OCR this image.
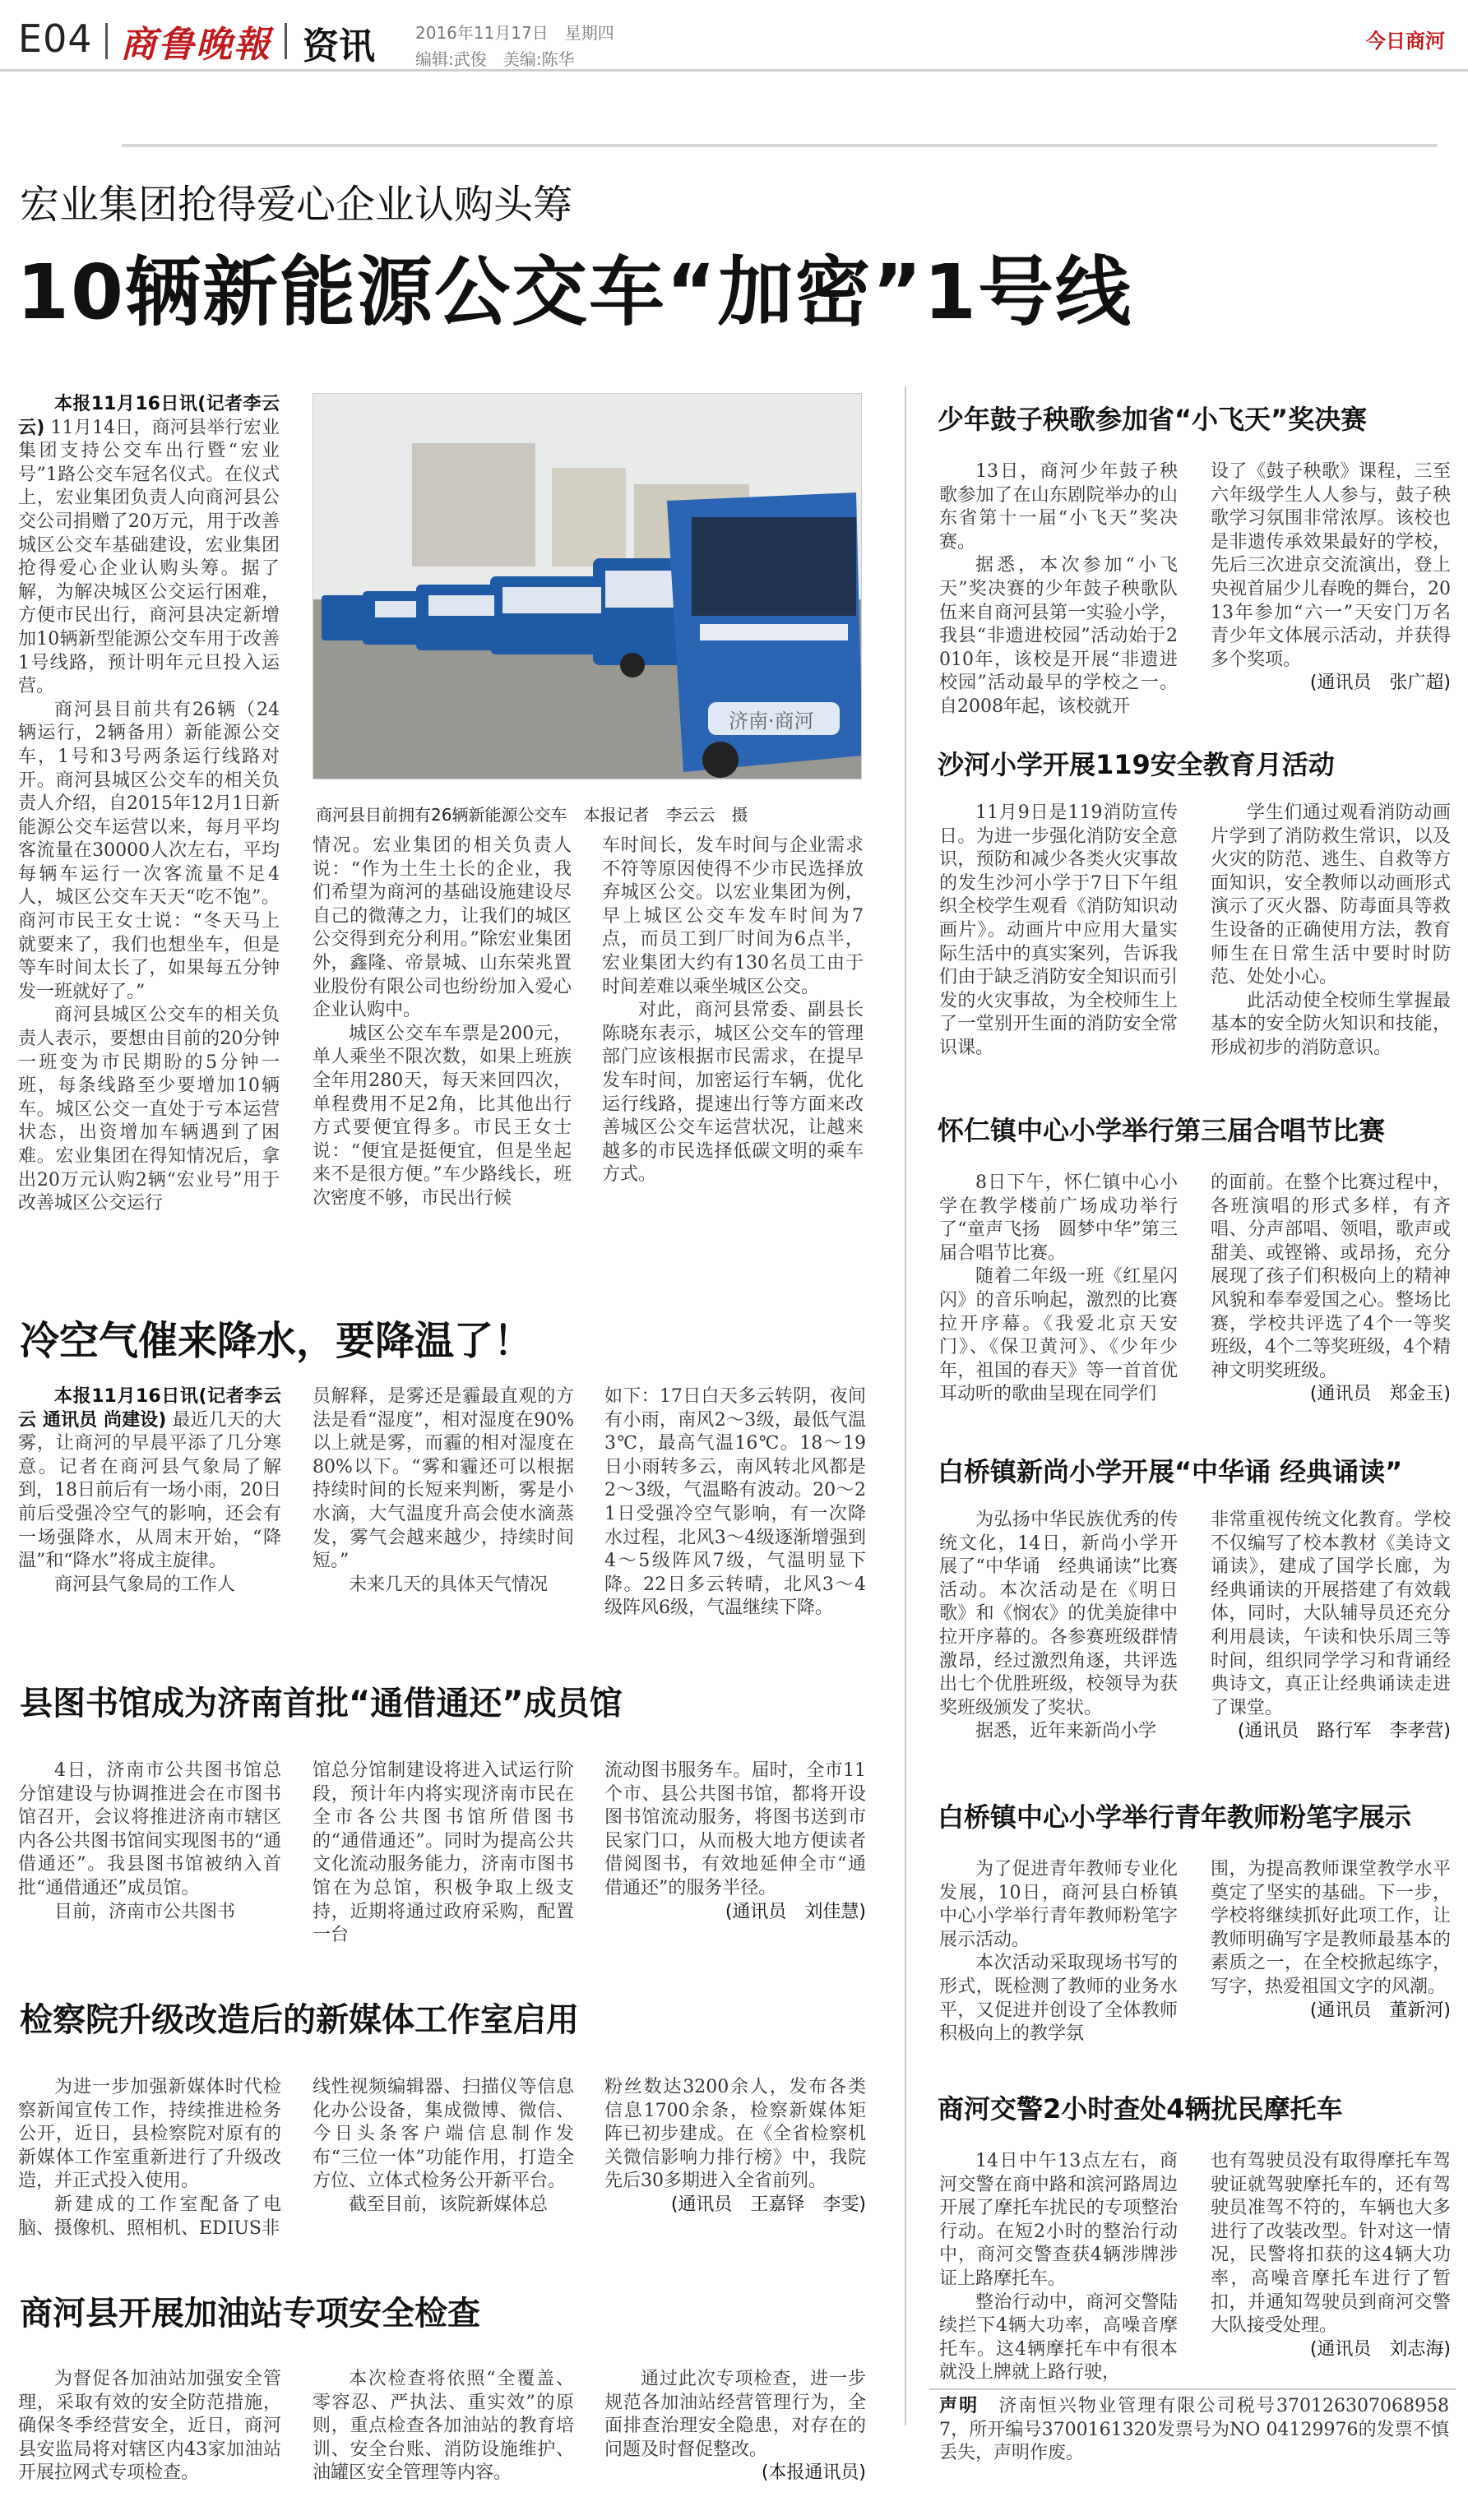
E04 商鲁晚報 资讯 2016年11月17日　星期四
编辑:武俊　美编:陈华
今日商河
宏业集团抢得爱心企业认购头筹
10辆新能源公交车“加密”1号线

本报11月16日讯(记者李云云) 11月14日，商河县举行宏业集团支持公交车出行暨“宏业号”1路公交车冠名仪式。在仪式上，宏业集团负责人向商河县公交公司捐赠了20万元，用于改善城区公交车基础建设，宏业集团抢得爱心企业认购头筹。据了解，为解决城区公交运行困难，方便市民出行，商河县决定新增加10辆新型能源公交车用于改善1号线路，预计明年元旦投入运营。

商河县目前共有26辆（24辆运行，2辆备用）新能源公交车，1号和3号两条运行线路对开。商河县城区公交车的相关负责人介绍，自2015年12月1日新能源公交车运营以来，每月平均客流量在30000人次左右，平均每辆车运行一次客流量不足4人，城区公交车天天“吃不饱”。商河市民王女士说：“冬天马上就要来了，我们也想坐车，但是等车时间太长了，如果每五分钟发一班就好了。”

商河县城区公交车的相关负责人表示，要想由目前的20分钟一班变为市民期盼的5分钟一班，每条线路至少要增加10辆车。城区公交一直处于亏本运营状态，出资增加车辆遇到了困难。宏业集团在得知情况后，拿出20万元认购2辆“宏业号”用于改善城区公交运行

济南·商河
商河县目前拥有26辆新能源公交车　本报记者　李云云　摄

情况。宏业集团的相关负责人说：“作为土生土长的企业，我们希望为商河的基础设施建设尽自己的微薄之力，让我们的城区公交得到充分利用。”除宏业集团外，鑫隆、帝景城、山东荣兆置业股份有限公司也纷纷加入爱心企业认购中。

城区公交车车票是200元，单人乘坐不限次数，如果上班族全年用280天，每天来回四次，单程费用不足2角，比其他出行方式要便宜得多。市民王女士说：“便宜是挺便宜，但是坐起来不是很方便。”车少路线长，班次密度不够，市民出行候

车时间长，发车时间与企业需求不符等原因使得不少市民选择放弃城区公交。以宏业集团为例，早上城区公交车发车时间为7点，而员工到厂时间为6点半，宏业集团大约有130名员工由于时间差难以乘坐城区公交。

对此，商河县常委、副县长陈晓东表示，城区公交车的管理部门应该根据市民需求，在提早发车时间，加密运行车辆，优化运行线路，提速出行等方面来改善城区公交车运营状况，让越来越多的市民选择低碳文明的乘车方式。

冷空气催来降水，要降温了！

本报11月16日讯(记者李云云 通讯员 尚建设) 最近几天的大雾，让商河的早晨平添了几分寒意。记者在商河县气象局了解到，18日前后有一场小雨，20日前后受强冷空气的影响，还会有一场强降水，从周末开始，“降温”和“降水”将成主旋律。

商河县气象局的工作人

员解释，是雾还是霾最直观的方法是看“湿度”，相对湿度在90%以上就是雾，而霾的相对湿度在80%以下。“雾和霾还可以根据持续时间的长短来判断，雾是小水滴，大气温度升高会使水滴蒸发，雾气会越来越少，持续时间短。”

未来几天的具体天气情况

如下：17日白天多云转阴，夜间有小雨，南风2～3级，最低气温3℃，最高气温16℃。18～19日小雨转多云，南风转北风都是2～3级，气温略有波动。20～21日受强冷空气影响，有一次降水过程，北风3～4级逐渐增强到4～5级阵风7级，气温明显下降。22日多云转晴，北风3～4级阵风6级，气温继续下降。

县图书馆成为济南首批“通借通还”成员馆

4日，济南市公共图书馆总分馆建设与协调推进会在市图书馆召开，会议将推进济南市辖区内各公共图书馆间实现图书的“通借通还”。我县图书馆被纳入首批“通借通还”成员馆。

目前，济南市公共图书

馆总分馆制建设将进入试运行阶段，预计年内将实现济南市民在全市各公共图书馆所借图书的“通借通还”。同时为提高公共文化流动服务能力，济南市图书馆在为总馆，积极争取上级支持，近期将通过政府采购，配置一台

流动图书服务车。届时，全市11个市、县公共图书馆，都将开设图书馆流动服务，将图书送到市民家门口，从而极大地方便读者借阅图书，有效地延伸全市“通借通还”的服务半径。

(通讯员　刘佳慧)
检察院升级改造后的新媒体工作室启用

为进一步加强新媒体时代检察新闻宣传工作，持续推进检务公开，近日，县检察院对原有的新媒体工作室重新进行了升级改造，并正式投入使用。

新建成的工作室配备了电脑、摄像机、照相机、EDIUS非

线性视频编辑器、扫描仪等信息化办公设备，集成微博、微信、今日头条客户端信息制作发布“三位一体”功能作用，打造全方位、立体式检务公开新平台。

截至目前，该院新媒体总

粉丝数达3200余人，发布各类信息1700余条，检察新媒体矩阵已初步建成。在《全省检察机关微信影响力排行榜》中，我院先后30多期进入全省前列。

(通讯员　王嘉铎　李雯)
商河县开展加油站专项安全检查

为督促各加油站加强安全管理，采取有效的安全防范措施，确保冬季经营安全，近日，商河县安监局将对辖区内43家加油站开展拉网式专项检查。

本次检查将依照“全覆盖、零容忍、严执法、重实效”的原则，重点检查各加油站的教育培训、安全台账、消防设施维护、油罐区安全管理等内容。

通过此次专项检查，进一步规范各加油站经营管理行为，全面排查治理安全隐患，对存在的问题及时督促整改。

(本报通讯员)
少年鼓子秧歌参加省“小飞天”奖决赛

13日，商河少年鼓子秧歌参加了在山东剧院举办的山东省第十一届“小飞天”奖决赛。

据悉，本次参加“小飞天”奖决赛的少年鼓子秧歌队伍来自商河县第一实验小学，我县“非遗进校园”活动始于2010年，该校是开展“非遗进校园”活动最早的学校之一。自2008年起，该校就开

设了《鼓子秧歌》课程，三至六年级学生人人参与，鼓子秧歌学习氛围非常浓厚。该校也是非遗传承效果最好的学校，先后三次进京交流演出，登上央视首届少儿春晚的舞台，2013年参加“六一”天安门万名青少年文体展示活动，并获得多个奖项。

(通讯员　张广超)
沙河小学开展119安全教育月活动

11月9日是119消防宣传日。为进一步强化消防安全意识，预防和减少各类火灾事故的发生沙河小学于7日下午组织全校学生观看《消防知识动画片》。动画片中应用大量实际生活中的真实案列，告诉我们由于缺乏消防安全知识而引发的火灾事故，为全校师生上了一堂别开生面的消防安全常识课。

学生们通过观看消防动画片学到了消防救生常识，以及火灾的防范、逃生、自救等方面知识，安全教师以动画形式演示了灭火器、防毒面具等救生设备的正确使用方法，教育师生在日常生活中要时时防范、处处小心。

此活动使全校师生掌握最基本的安全防火知识和技能，形成初步的消防意识。

怀仁镇中心小学举行第三届合唱节比赛

8日下午，怀仁镇中心小学在教学楼前广场成功举行了“童声飞扬　圆梦中华”第三届合唱节比赛。

随着二年级一班《红星闪闪》的音乐响起，激烈的比赛拉开序幕。《我爱北京天安门》、《保卫黄河》、《少年少年，祖国的春天》等一首首优耳动听的歌曲呈现在同学们

的面前。在整个比赛过程中，各班演唱的形式多样，有齐唱、分声部唱、领唱，歌声或甜美、或铿锵、或昂扬，充分展现了孩子们积极向上的精神风貌和奉奉爱国之心。整场比赛，学校共评选了4个一等奖班级，4个二等奖班级，4个精神文明奖班级。

(通讯员　郑金玉)
白桥镇新尚小学开展“中华诵 经典诵读”

为弘扬中华民族优秀的传统文化，14日，新尚小学开展了“中华诵　经典诵读”比赛活动。本次活动是在《明日歌》和《悯农》的优美旋律中拉开序幕的。各参赛班级群情激昂，经过激烈角逐，共评选出七个优胜班级，校领导为获奖班级颁发了奖状。

据悉，近年来新尚小学

非常重视传统文化教育。学校不仅编写了校本教材《美诗文诵读》，建成了国学长廊，为经典诵读的开展搭建了有效载体，同时，大队辅导员还充分利用晨读，午读和快乐周三等时间，组织同学学习和背诵经典诗文，真正让经典诵读走进了课堂。

(通讯员　路行军　李孝营)
白桥镇中心小学举行青年教师粉笔字展示

为了促进青年教师专业化发展，10日，商河县白桥镇中心小学举行青年教师粉笔字展示活动。

本次活动采取现场书写的形式，既检测了教师的业务水平，又促进并创设了全体教师积极向上的教学氛

围，为提高教师课堂教学水平奠定了坚实的基础。下一步，学校将继续抓好此项工作，让教师明确写字是教师最基本的素质之一，在全校掀起练字，写字，热爱祖国文字的风潮。

(通讯员　董新河)
商河交警2小时查处4辆扰民摩托车

14日中午13点左右，商河交警在商中路和滨河路周边开展了摩托车扰民的专项整治行动。在短2小时的整治行动中，商河交警查获4辆涉牌涉证上路摩托车。

整治行动中，商河交警陆续拦下4辆大功率，高噪音摩托车。这4辆摩托车中有很本就没上牌就上路行驶，

也有驾驶员没有取得摩托车驾驶证就驾驶摩托车的，还有驾驶员准驾不符的，车辆也大多进行了改装改型。针对这一情况，民警将扣获的这4辆大功率，高噪音摩托车进行了暂扣，并通知驾驶员到商河交警大队接受处理。

(通讯员　刘志海)

声明　 济南恒兴物业管理有限公司税号370126307068958 7，所开编号3700161320发票号为NO 04129976的发票不慎丢失，声明作废。
